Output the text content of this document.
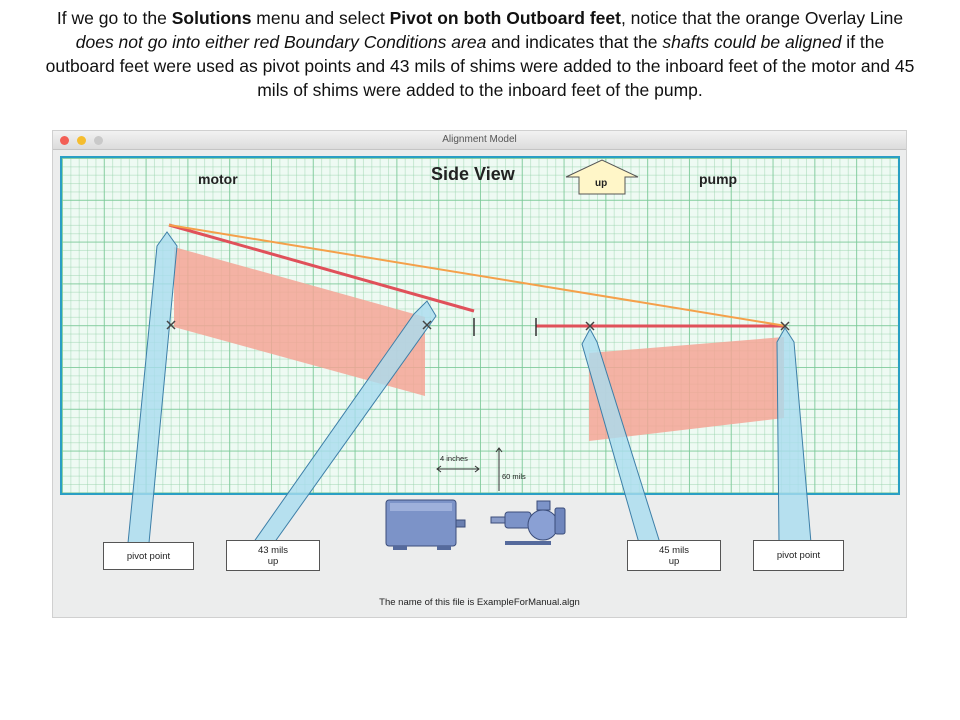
If we go to the Solutions menu and select Pivot on both Outboard feet, notice that the orange Overlay Line does not go into either red Boundary Conditions area and indicates that the shafts could be aligned if the outboard feet were used as pivot points and 43 mils of shims were added to the inboard feet of the motor and 45 mils of shims were added to the inboard feet of the pump.
Alignment Model
motor	Side View	up	pump
4 inches
60 mils
pivot point
43 mils
up
45 mils
up	pivot point
The name of this file is ExampleForManual.algn
